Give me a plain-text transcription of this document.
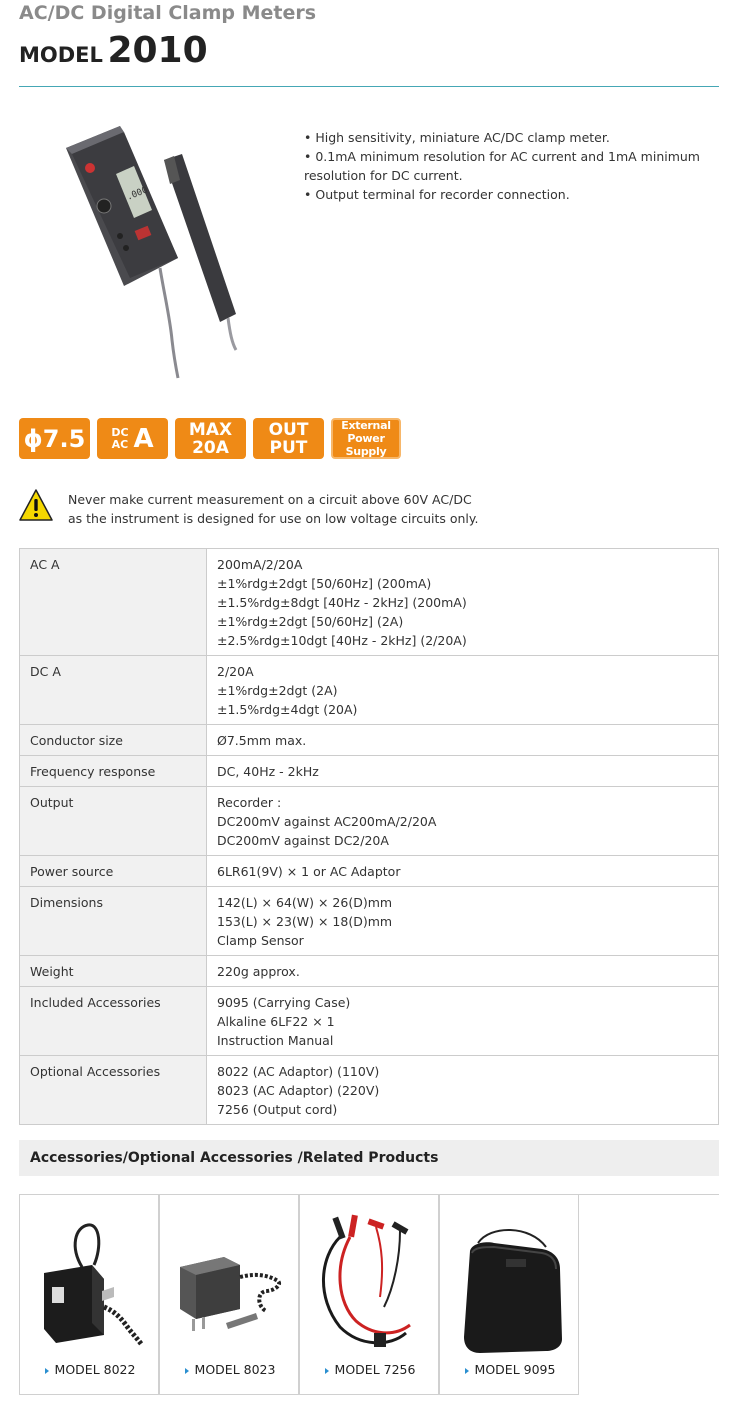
AC/DC Digital Clamp Meters
MODEL 2010
.000
• High sensitivity, miniature AC/DC clamp meter.
• 0.1mA minimum resolution for AC current and 1mA minimum resolution for DC current.
• Output terminal for recorder connection.
ϕ7.5 DC
AC A MAX
20A
OUT
PUT
External
Power Supply
Never make current measurement on a circuit above 60V AC/DC
as the instrument is designed for use on low voltage circuits only.
AC A	200mA/2/20A
±1%rdg±2dgt [50/60Hz] (200mA)
±1.5%rdg±8dgt [40Hz - 2kHz] (200mA)
±1%rdg±2dgt [50/60Hz] (2A)
±2.5%rdg±10dgt [40Hz - 2kHz] (2/20A)

DC A	2/20A
±1%rdg±2dgt (2A)
±1.5%rdg±4dgt (20A)

Conductor size	Ø7.5mm max.

Frequency response	DC, 40Hz - 2kHz

Output	Recorder :
DC200mV against AC200mA/2/20A
DC200mV against DC2/20A

Power source	6LR61(9V) × 1 or AC Adaptor

Dimensions	142(L) × 64(W) × 26(D)mm
153(L) × 23(W) × 18(D)mm
Clamp Sensor

Weight	220g approx.

Included Accessories	9095 (Carrying Case)
Alkaline 6LF22 × 1
Instruction Manual

Optional Accessories	8022 (AC Adaptor) (110V)
8023 (AC Adaptor) (220V)
7256 (Output cord)
Accessories/Optional Accessories /Related Products
MODEL 8022	MODEL 8023	MODEL 7256	MODEL 9095
